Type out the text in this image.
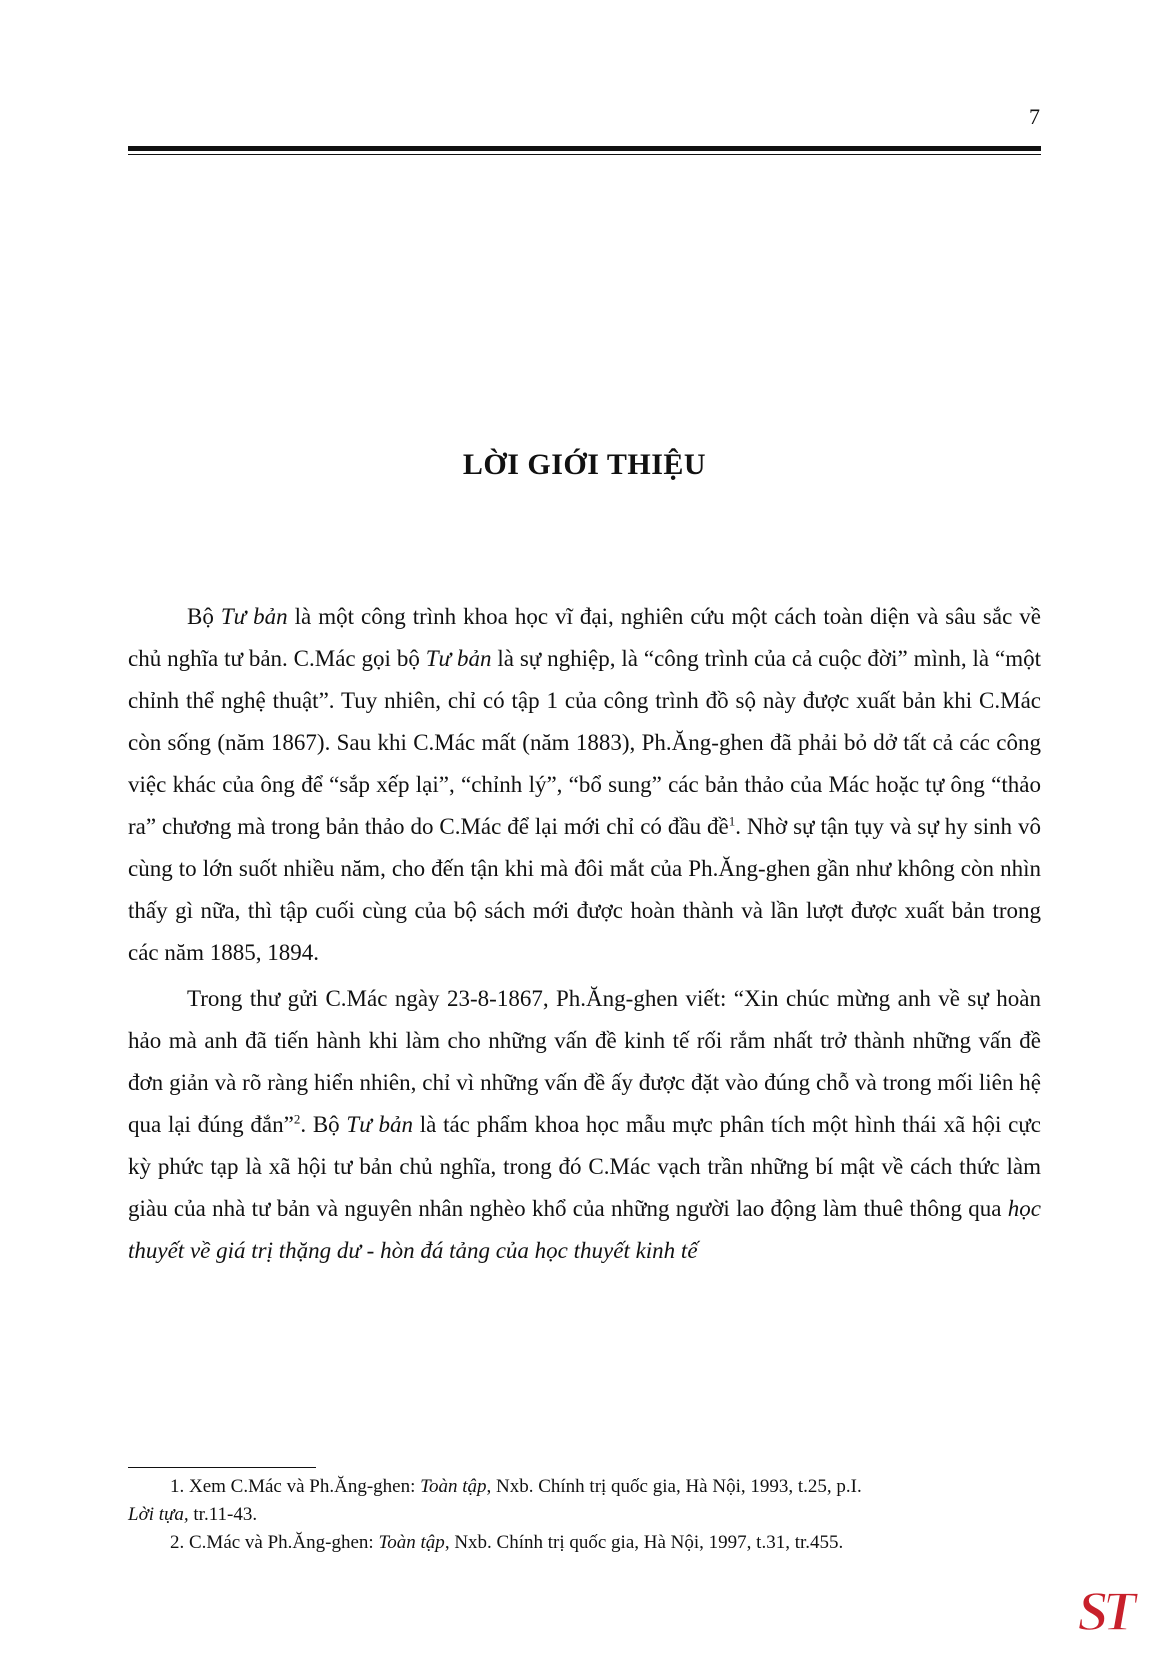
7
LỜI GIỚI THIỆU

Bộ Tư bản là một công trình khoa học vĩ đại, nghiên cứu một cách toàn diện và sâu sắc về chủ nghĩa tư bản. C.Mác gọi bộ Tư bản là sự nghiệp, là “công trình của cả cuộc đời” mình, là “một chỉnh thể nghệ thuật”. Tuy nhiên, chỉ có tập 1 của công trình đồ sộ này được xuất bản khi C.Mác còn sống (năm 1867). Sau khi C.Mác mất (năm 1883), Ph.Ăng-ghen đã phải bỏ dở tất cả các công việc khác của ông để “sắp xếp lại”, “chỉnh lý”, “bổ sung” các bản thảo của Mác hoặc tự ông “thảo ra” chương mà trong bản thảo do C.Mác để lại mới chỉ có đầu đề$^1$. Nhờ sự tận tụy và sự hy sinh vô cùng to lớn suốt nhiều năm, cho đến tận khi mà đôi mắt của Ph.Ăng-ghen gần như không còn nhìn thấy gì nữa, thì tập cuối cùng của bộ sách mới được hoàn thành và lần lượt được xuất bản trong các năm 1885, 1894.

Trong thư gửi C.Mác ngày 23-8-1867, Ph.Ăng-ghen viết: “Xin chúc mừng anh về sự hoàn hảo mà anh đã tiến hành khi làm cho những vấn đề kinh tế rối rắm nhất trở thành những vấn đề đơn giản và rõ ràng hiển nhiên, chỉ vì những vấn đề ấy được đặt vào đúng chỗ và trong mối liên hệ qua lại đúng đắn”$^2$. Bộ Tư bản là tác phẩm khoa học mẫu mực phân tích một hình thái xã hội cực kỳ phức tạp là xã hội tư bản chủ nghĩa, trong đó C.Mác vạch trần những bí mật về cách thức làm giàu của nhà tư bản và nguyên nhân nghèo khổ của những người lao động làm thuê thông qua học thuyết về giá trị thặng dư - hòn đá tảng của học thuyết kinh tế

1. Xem C.Mác và Ph.Ăng-ghen: Toàn tập, Nxb. Chính trị quốc gia, Hà Nội, 1993, t.25, p.I.
Lời tựa, tr.11-43.

2. C.Mác và Ph.Ăng-ghen: Toàn tập, Nxb. Chính trị quốc gia, Hà Nội, 1997, t.31, tr.455.

ST
